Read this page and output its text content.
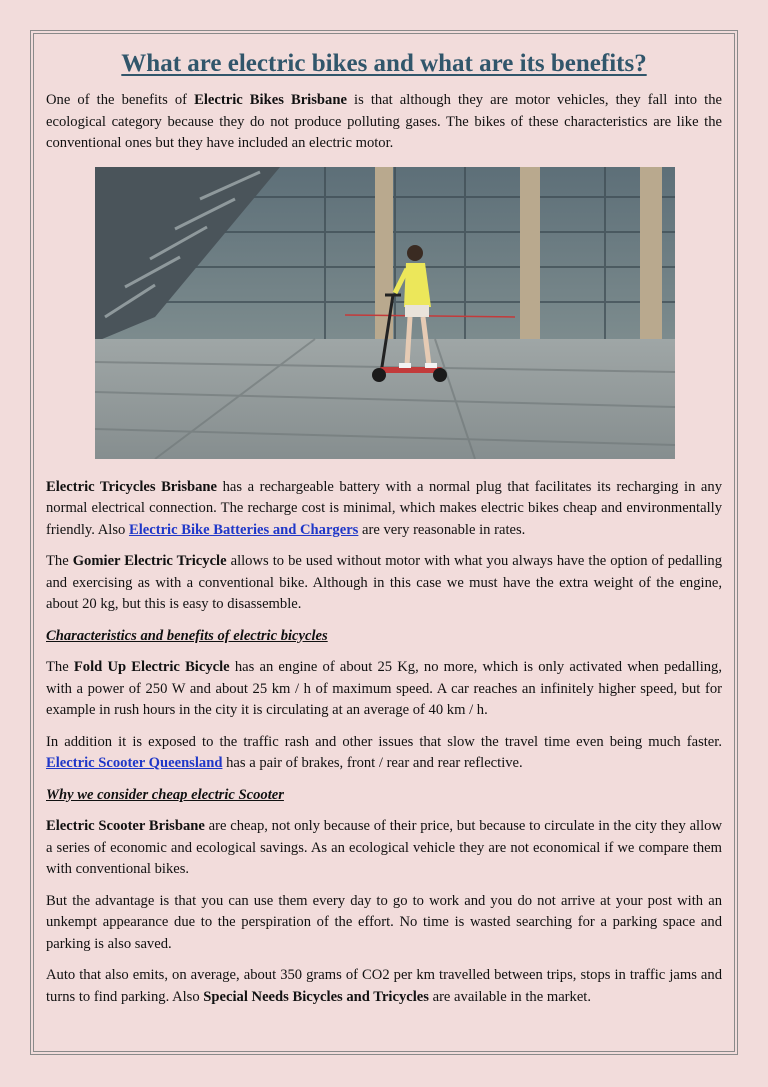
What are electric bikes and what are its benefits?

One of the benefits of Electric Bikes Brisbane is that although they are motor vehicles, they fall into the ecological category because they do not produce polluting gases. The bikes of these characteristics are like the conventional ones but they have included an electric motor.

Electric Tricycles Brisbane has a rechargeable battery with a normal plug that facilitates its recharging in any normal electrical connection. The recharge cost is minimal, which makes electric bikes cheap and environmentally friendly. Also Electric Bike Batteries and Chargers are very reasonable in rates.

The Gomier Electric Tricycle allows to be used without motor with what you always have the option of pedalling and exercising as with a conventional bike. Although in this case we must have the extra weight of the engine, about 20 kg, but this is easy to disassemble.

Characteristics and benefits of electric bicycles

The Fold Up Electric Bicycle has an engine of about 25 Kg, no more, which is only activated when pedalling, with a power of 250 W and about 25 km / h of maximum speed. A car reaches an infinitely higher speed, but for example in rush hours in the city it is circulating at an average of 40 km / h.

In addition it is exposed to the traffic rash and other issues that slow the travel time even being much faster. Electric Scooter Queensland has a pair of brakes, front / rear and rear reflective.

Why we consider cheap electric Scooter

Electric Scooter Brisbane are cheap, not only because of their price, but because to circulate in the city they allow a series of economic and ecological savings. As an ecological vehicle they are not economical if we compare them with conventional bikes.

But the advantage is that you can use them every day to go to work and you do not arrive at your post with an unkempt appearance due to the perspiration of the effort. No time is wasted searching for a parking space and parking is also saved.

Auto that also emits, on average, about 350 grams of CO2 per km travelled between trips, stops in traffic jams and turns to find parking. Also Special Needs Bicycles and Tricycles are available in the market.
